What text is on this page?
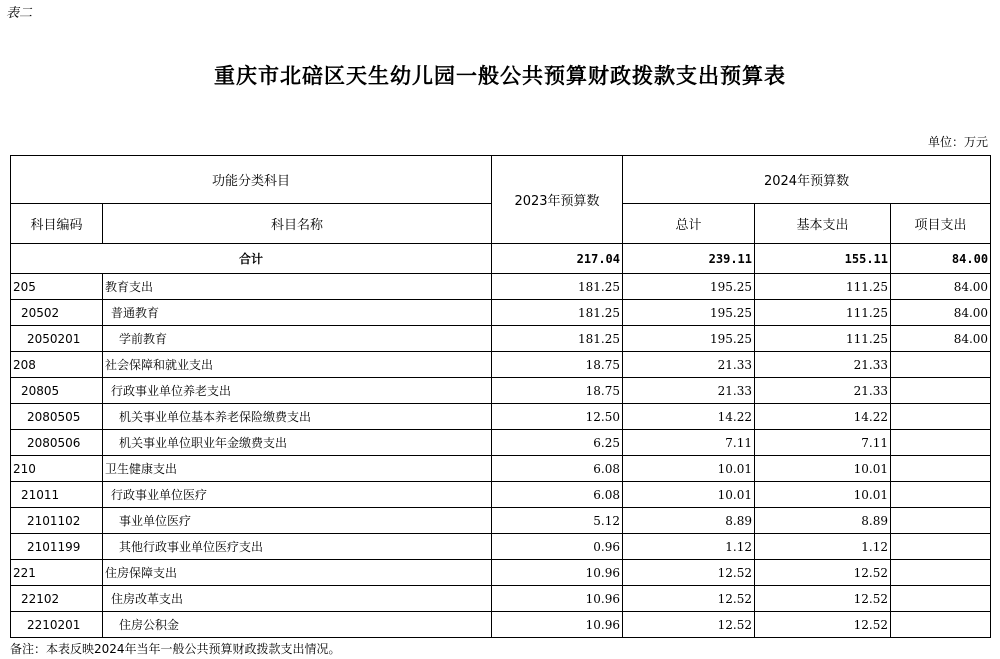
表二
重庆市北碚区天生幼儿园一般公共预算财政拨款支出预算表
单位：万元
功能分类科目		2023年预算数	2024年预算数		
科目编码	科目名称		总计	基本支出	项目支出
合计		217.04	239.11	155.11	84.00
205	教育支出	181.25	195.25	111.25	84.00
20502	普通教育	181.25	195.25	111.25	84.00
2050201	学前教育	181.25	195.25	111.25	84.00
208	社会保障和就业支出	18.75	21.33	21.33	
20805	行政事业单位养老支出	18.75	21.33	21.33	
2080505	机关事业单位基本养老保险缴费支出	12.50	14.22	14.22	
2080506	机关事业单位职业年金缴费支出	6.25	7.11	7.11	
210	卫生健康支出	6.08	10.01	10.01	
21011	行政事业单位医疗	6.08	10.01	10.01	
2101102	事业单位医疗	5.12	8.89	8.89	
2101199	其他行政事业单位医疗支出	0.96	1.12	1.12	
221	住房保障支出	10.96	12.52	12.52	
22102	住房改革支出	10.96	12.52	12.52	
2210201	住房公积金	10.96	12.52	12.52	
备注：本表反映2024年当年一般公共预算财政拨款支出情况。
